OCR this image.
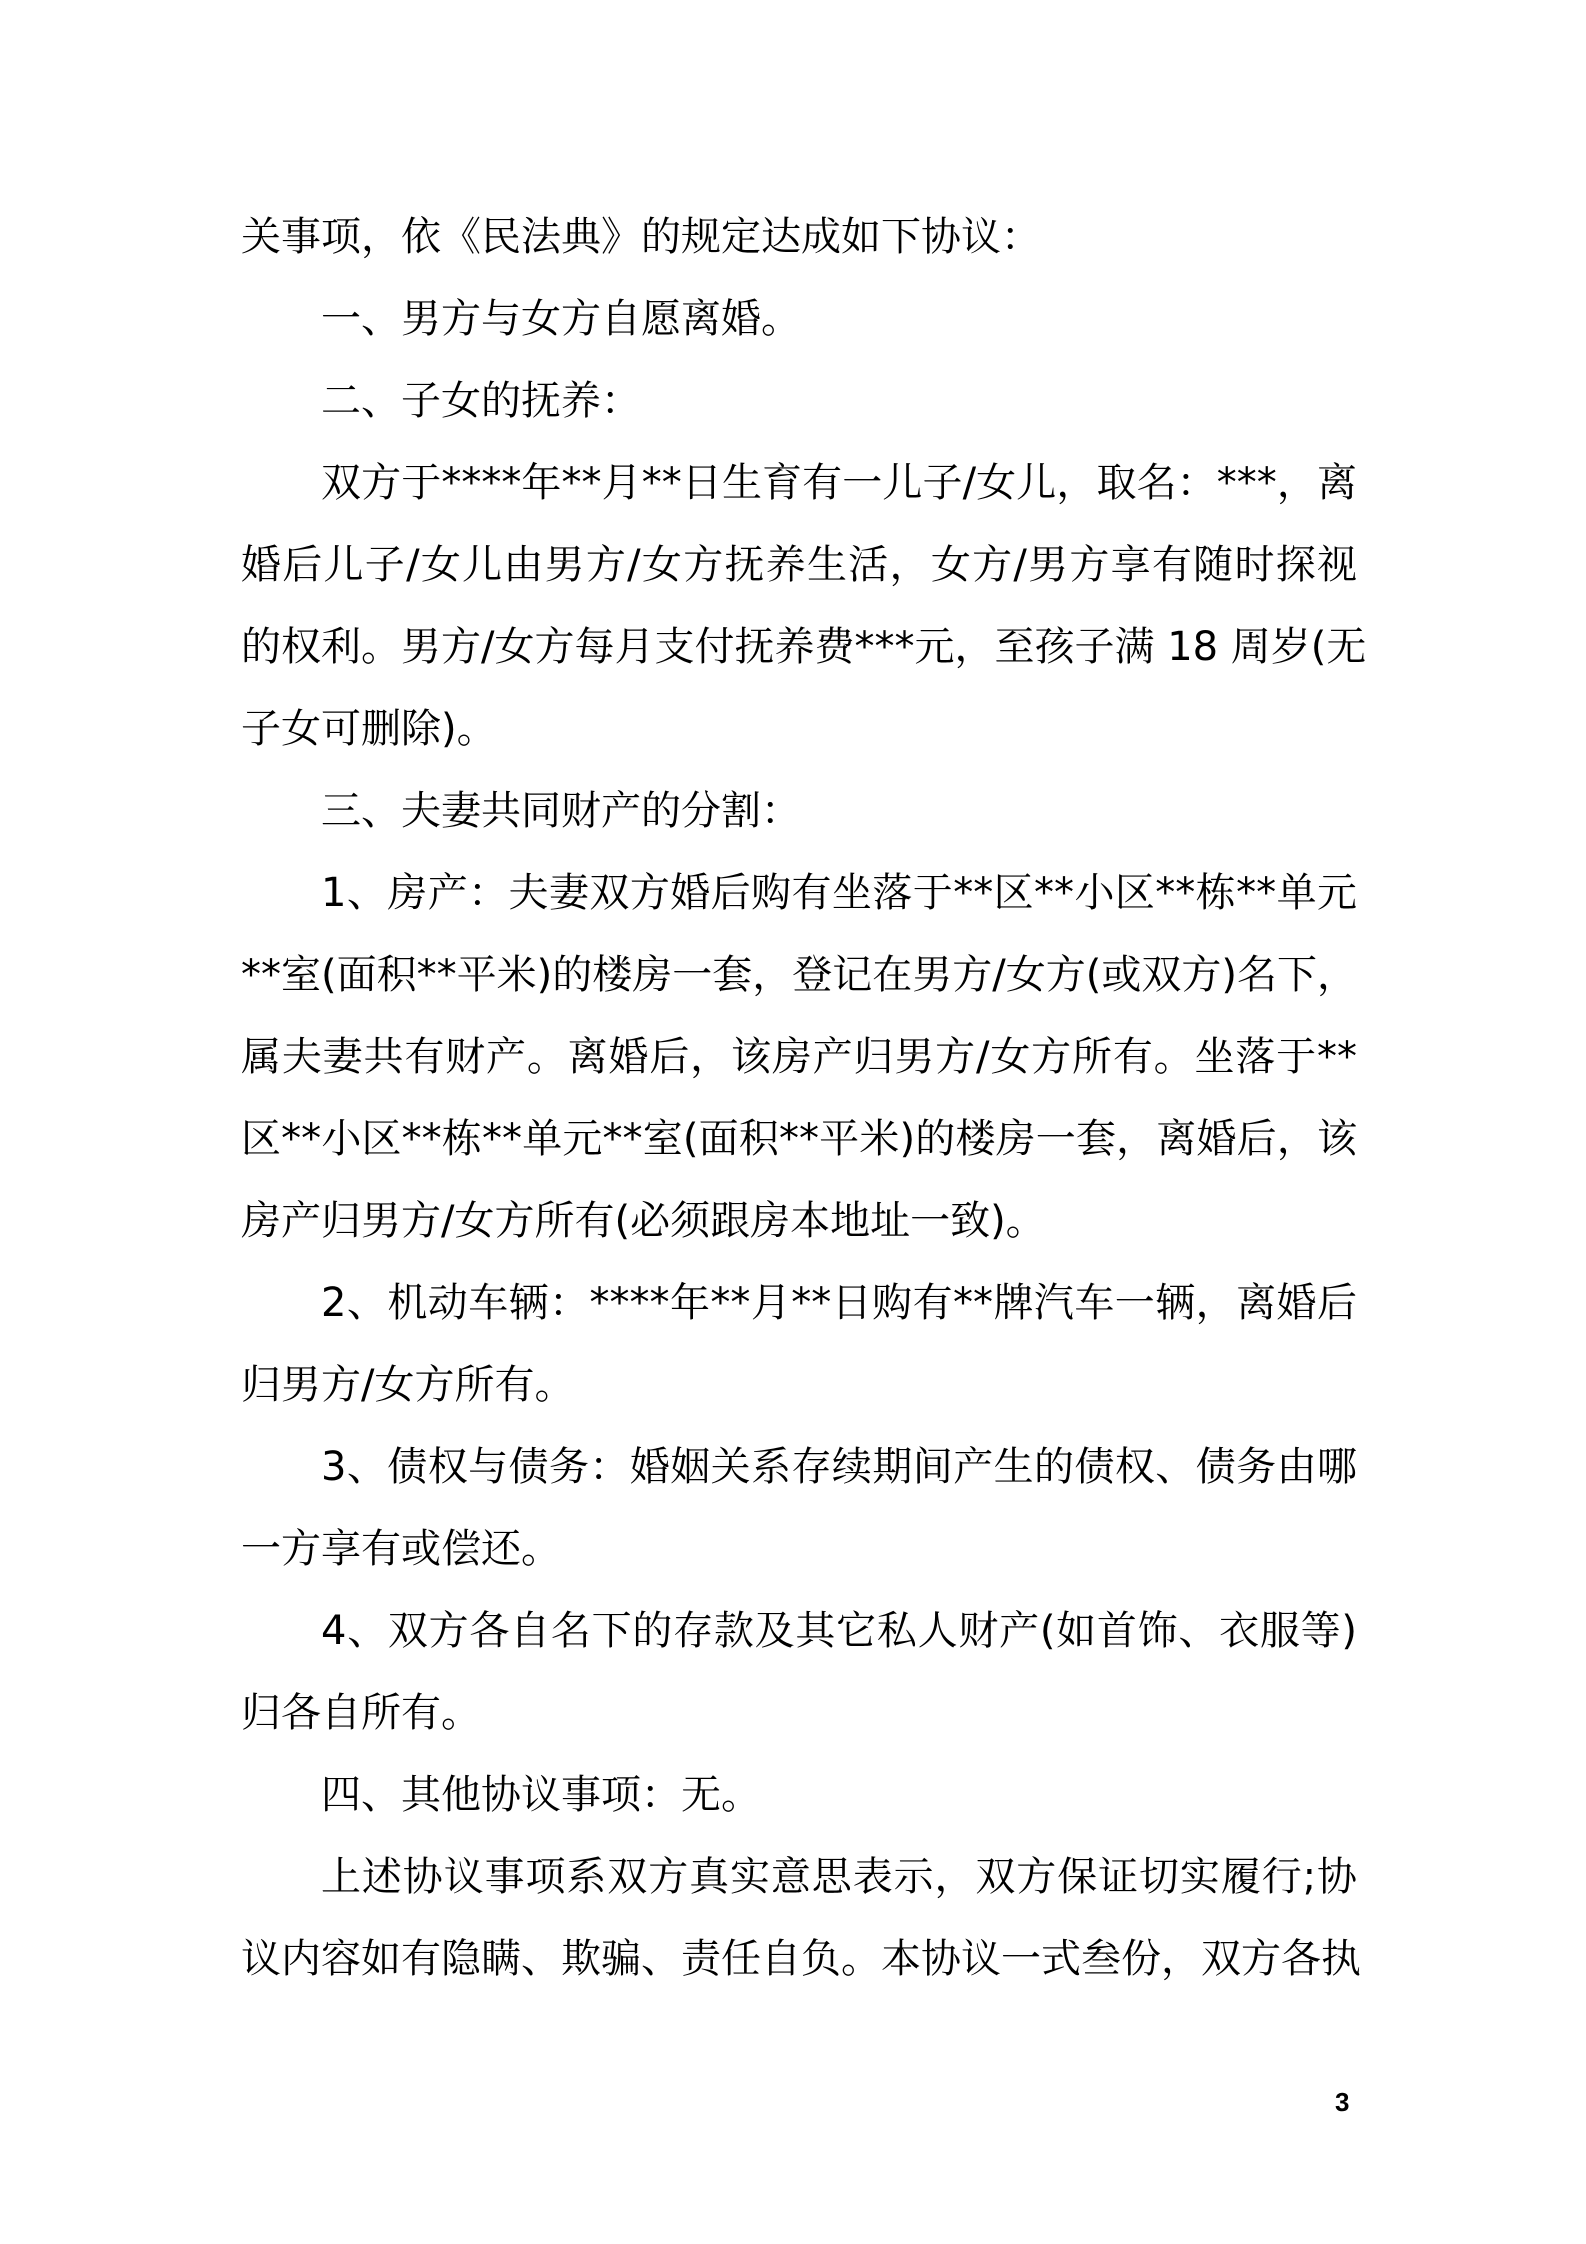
关事项，依《民法典》的规定达成如下协议：
一、男方与女方自愿离婚。
二、子女的抚养：
双方于****年**月**日生育有一儿子/女儿，取名：***，离
婚后儿子/女儿由男方/女方抚养生活，女方/男方享有随时探视
的权利。男方/女方每月支付抚养费***元，至孩子满 18 周岁(无
子女可删除)。
三、夫妻共同财产的分割：
1、房产：夫妻双方婚后购有坐落于**区**小区**栋**单元
**室(面积**平米)的楼房一套，登记在男方/女方(或双方)名下，
属夫妻共有财产。离婚后，该房产归男方/女方所有。坐落于**
区**小区**栋**单元**室(面积**平米)的楼房一套，离婚后，该
房产归男方/女方所有(必须跟房本地址一致)。
2、机动车辆：****年**月**日购有**牌汽车一辆，离婚后
归男方/女方所有。
3、债权与债务：婚姻关系存续期间产生的债权、债务由哪
一方享有或偿还。
4、双方各自名下的存款及其它私人财产(如首饰、衣服等)
归各自所有。
四、其他协议事项：无。
上述协议事项系双方真实意思表示，双方保证切实履行;协
议内容如有隐瞒、欺骗、责任自负。本协议一式叁份，双方各执
3
